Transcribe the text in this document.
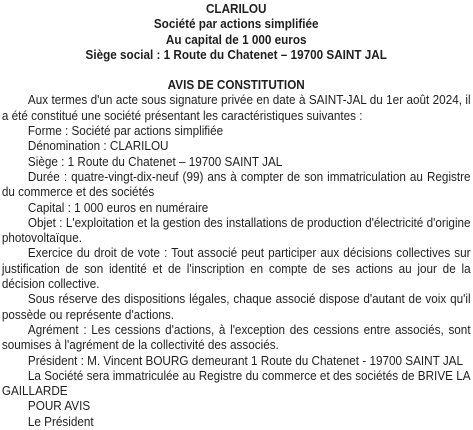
CLARILOU
Société par actions simplifiée
Au capital de 1 000 euros
Siège social : 1 Route du Chatenet – 19700 SAINT JAL
AVIS DE CONSTITUTION

Aux termes d'un acte sous signature privée en date à SAINT-JAL du 1er août 2024, il a été constitué une société présentant les caractéristiques suivantes :

Forme : Société par actions simplifiée

Dénomination : CLARILOU

Siège : 1 Route du Chatenet – 19700 SAINT JAL

Durée : quatre-vingt-dix-neuf (99) ans à compter de son immatriculation au Registre du commerce et des sociétés

Capital : 1 000 euros en numéraire

Objet : L'exploitation et la gestion des installations de production d'électricité d'origine photovoltaïque.

Exercice du droit de vote : Tout associé peut participer aux décisions collectives sur justification de son identité et de l'inscription en compte de ses actions au jour de la décision collective.

Sous réserve des dispositions légales, chaque associé dispose d'autant de voix qu'il possède ou représente d'actions.

Agrément : Les cessions d'actions, à l'exception des cessions entre associés, sont soumises à l'agrément de la collectivité des associés.

Président : M. Vincent BOURG demeurant 1 Route du Chatenet - 19700 SAINT JAL

La Société sera immatriculée au Registre du commerce et des sociétés de BRIVE LA GAILLARDE

POUR AVIS

Le Président
